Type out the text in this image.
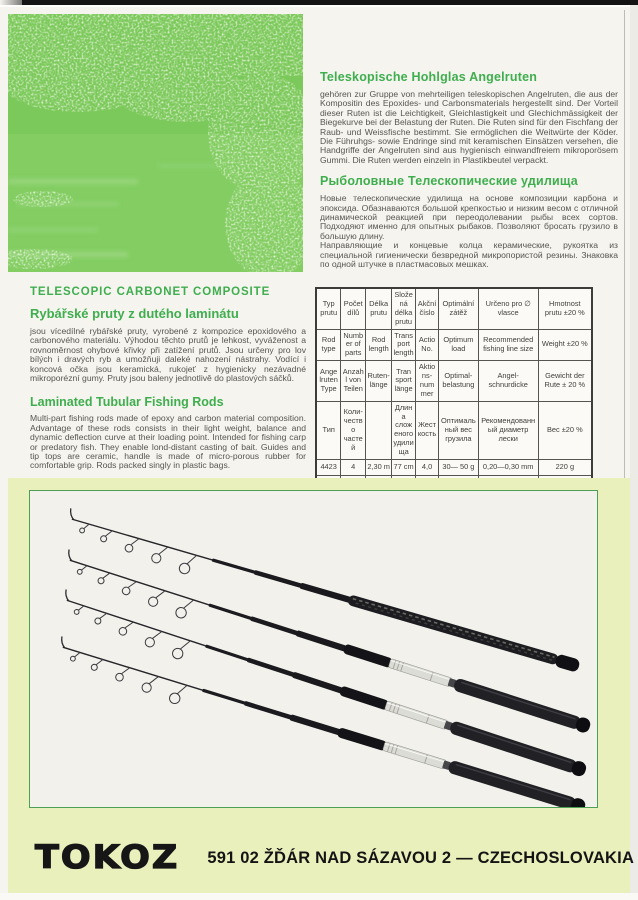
Teleskopische Hohlglas Angelruten

gehören zur Gruppe von mehrteiligen teleskopischen Angelruten, die aus der Kompositin des Epoxides- und Carbonsmaterials hergestellt sind. Der Vorteil dieser Ruten ist die Leichtigkeit, Gleichlastigkeit und Glechichmässigkeit der Biegekurve bei der Belastung der Ruten. Die Ruten sind für den Fischfang der Raub- und Weissfische bestimmt. Sie ermöglichen die Weitwürte der Köder. Die Führuhgs- sowie Endringe sind mit keramischen Einsätzen versehen, die Handgriffe der Angelruten sind aus hygienisch einwandfreiem mikroporösem Gummi. Die Ruten werden einzeln in Plastikbeutel verpackt.

Рыболовные Телескопические удилища

Новые телескопические удилища на основе композиции карбона и эпоксида. Обазнаваются большой крепкостью и низким весом с отличной динамической реакцией при переодолевании рыбы всех сортов. Подходяют именно для опытных рыбаков. Позволяют бросать грузило в большую длину.

Направляющие и концевые колца керамические, рукоятка из специальной гигиенически безвредной микропористой резины. Знаковка по одной штучке в пластмасовых мешках.

TELESCOPIC CARBONET COMPOSITE
Rybářské pruty z dutého laminátu

jsou vícedílné rybářské pruty, vyrobené z kompozice epoxidového a carbonového materiálu. Výhodou těchto prutů je lehkost, vyváženost a rovnoměrnost ohybové křivky při zatížení prutů. Jsou určeny pro lov bílých i dravých ryb a umožňuji daleké nahození nástrahy. Vodící i koncová očka jsou keramická, rukojeť z hygienicky nezávadné mikroporézní gumy. Pruty jsou baleny jednotlivě do plastových sáčků.

Laminated Tubular Fishing Rods

Multi-part fishing rods made of epoxy and carbon material composition. Advantage of these rods consists in their light weight, balance and dynamic deflection curve at their loading point. Intended for fishing carp or predatory fish. They enable lond-distant casting of bait. Guides and tip tops are ceramic, handle is made of micro-porous rubber for comfortable grip. Rods packed singly in plastic bags.

Typ prutu	Počet dílů	Délka prutu	Složená délka prutu	Akční číslo	Optimální zátěž	Určeno pro ∅ vlasce	Hmotnost prutu ±20 %
Rod type	Number of parts	Rod length	Transport length	Actio No.	Optimum load	Recommended fishing line size	Weight ±20 %
Angelruten Type	Anzahl von Teilen	Rutenlänge	Transport länge	Aktionsnummer	Optimalbelastung	Angelschnurdicke	Gewicht der Rute ± 20 %
Тип	Количество частей		Длина сложеного удилища	Жесткость	Оптимальный вес грузила	Рекомендованный диаметр лески	Вес ±20 %
4423	4	2,30 m	77 cm	4,0	30— 50 g	0,20—0,30 mm	220 g

TOKOZ 591 02 ŽĎÁR NAD SÁZAVOU 2 — CZECHOSLOVAKIA
